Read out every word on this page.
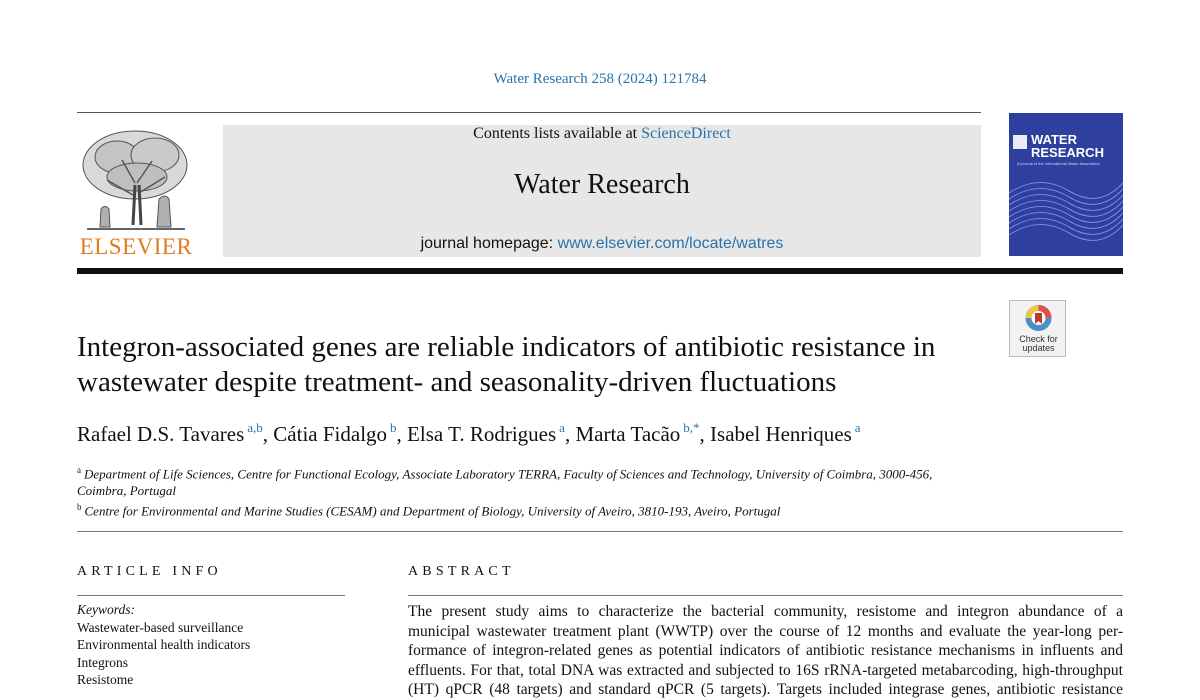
Water Research 258 (2024) 121784
ELSEVIER
Contents lists available at ScienceDirect
Water Research
journal homepage: www.elsevier.com/locate/watres
WATER
RESEARCH
A journal of the International Water Association
Check for
updates
Integron-associated genes are reliable indicators of antibiotic resistance in
wastewater despite treatment- and seasonality-driven fluctuations
Rafael D.S. Tavares $^{a,b}$, Cátia Fidalgo $^b$, Elsa T. Rodrigues $^a$, Marta Tacão $^{b,*}$, Isabel Henriques $^a$
$^a$ Department of Life Sciences, Centre for Functional Ecology, Associate Laboratory TERRA, Faculty of Sciences and Technology, University of Coimbra, 3000-456,
Coimbra, Portugal
$^b$ Centre for Environmental and Marine Studies (CESAM) and Department of Biology, University of Aveiro, 3810-193, Aveiro, Portugal
ARTICLE INFO	ABSTRACT
Keywords:
Wastewater-based surveillance
Environmental health indicators
Integrons
Resistome
The present study aims to characterize the bacterial community, resistome and integron abundance of a
municipal wastewater treatment plant (WWTP) over the course of 12 months and evaluate the year-long per-
formance of integron-related genes as potential indicators of antibiotic resistance mechanisms in influents and
effluents. For that, total DNA was extracted and subjected to 16S rRNA-targeted metabarcoding, high-throughput
(HT) qPCR (48 targets) and standard qPCR (5 targets). Targets included integrase genes, antibiotic resistance
